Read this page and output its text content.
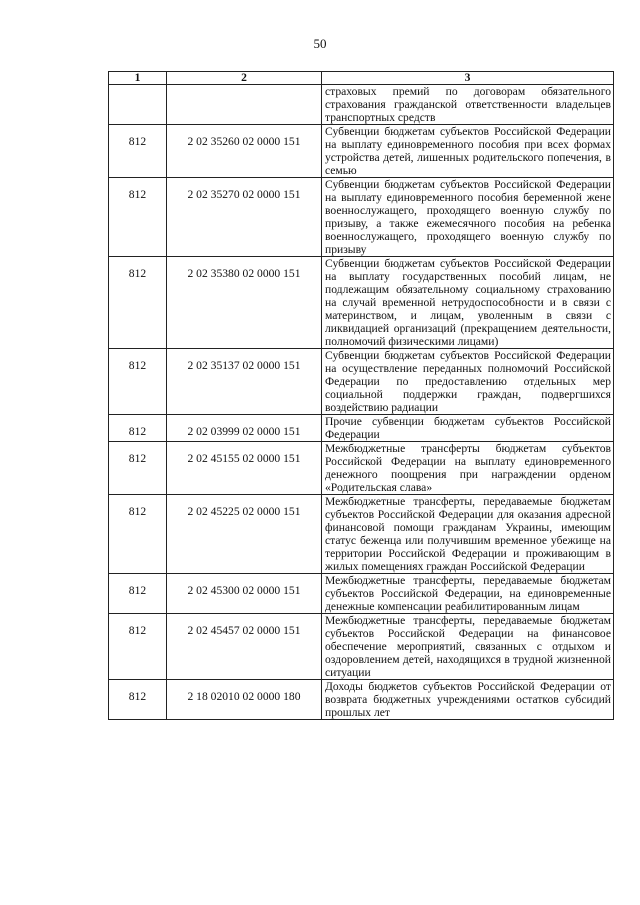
50
1	2	3
		страховых премий по договорам обязательного страхования гражданской ответственности владельцев транспортных средств
812	2 02 35260 02 0000 151	Субвенции бюджетам субъектов Российской Федерации на выплату единовременного пособия при всех формах устройства детей, лишенных родительского попечения, в семью
812	2 02 35270 02 0000 151	Субвенции бюджетам субъектов Российской Федерации на выплату единовременного пособия беременной жене военнослужащего, проходящего военную службу по призыву, а также ежемесячного пособия на ребенка военнослужащего, проходящего военную службу по призыву
812	2 02 35380 02 0000 151	Субвенции бюджетам субъектов Российской Федерации на выплату государственных пособий лицам, не подлежащим обязательному социальному страхованию на случай временной нетрудоспособности и в связи с материнством, и лицам, уволенным в связи с ликвидацией организаций (прекращением деятельности, полномочий физическими лицами)
812	2 02 35137 02 0000 151	Субвенции бюджетам субъектов Российской Федерации на осуществление переданных полномочий Российской Федерации по предоставлению отдельных мер социальной поддержки граждан, подвергшихся воздействию радиации
812	2 02 03999 02 0000 151	Прочие субвенции бюджетам субъектов Российской Федерации
812	2 02 45155 02 0000 151	Межбюджетные трансферты бюджетам субъектов Российской Федерации на выплату единовременного денежного поощрения при награждении орденом «Родительская слава»
812	2 02 45225 02 0000 151	Межбюджетные трансферты, передаваемые бюджетам субъектов Российской Федерации для оказания адресной финансовой помощи гражданам Украины, имеющим статус беженца или получившим временное убежище на территории Российской Федерации и проживающим в жилых помещениях граждан Российской Федерации
812	2 02 45300 02 0000 151	Межбюджетные трансферты, передаваемые бюджетам субъектов Российской Федерации, на единовременные денежные компенсации реабилитированным лицам
812	2 02 45457 02 0000 151	Межбюджетные трансферты, передаваемые бюджетам субъектов Российской Федерации на финансовое обеспечение мероприятий, связанных с отдыхом и оздоровлением детей, находящихся в трудной жизненной ситуации
812	2 18 02010 02 0000 180	Доходы бюджетов субъектов Российской Федерации от возврата бюджетных учреждениями остатков субсидий прошлых лет
